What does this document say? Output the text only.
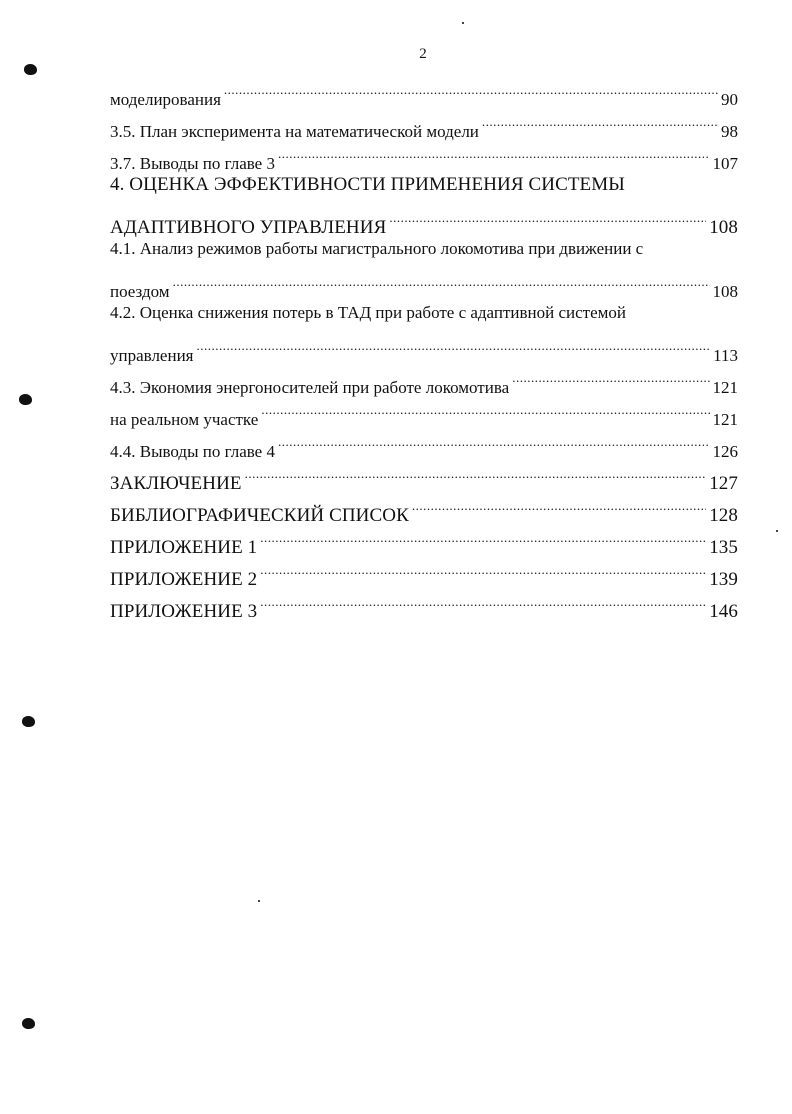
2
моделирования .....	90
3.5. План эксперимента на математической модели .....	98
3.7. Выводы по главе 3 .....	107
4. ОЦЕНКА ЭФФЕКТИВНОСТИ ПРИМЕНЕНИЯ СИСТЕМЫ
АДАПТИВНОГО УПРАВЛЕНИЯ .....	108
4.1. Анализ режимов работы магистрального локомотива при движении с
поездом .....	108
4.2. Оценка снижения потерь в ТАД при работе с адаптивной системой
управления .....	113
4.3. Экономия энергоносителей при работе локомотива .....	121
на реальном участке .....	121
4.4. Выводы по главе 4 .....	126
ЗАКЛЮЧЕНИЕ .....	127
БИБЛИОГРАФИЧЕСКИЙ СПИСОК .....	128
ПРИЛОЖЕНИЕ 1 .....	135
ПРИЛОЖЕНИЕ 2 .....	139
ПРИЛОЖЕНИЕ 3 .....	146
